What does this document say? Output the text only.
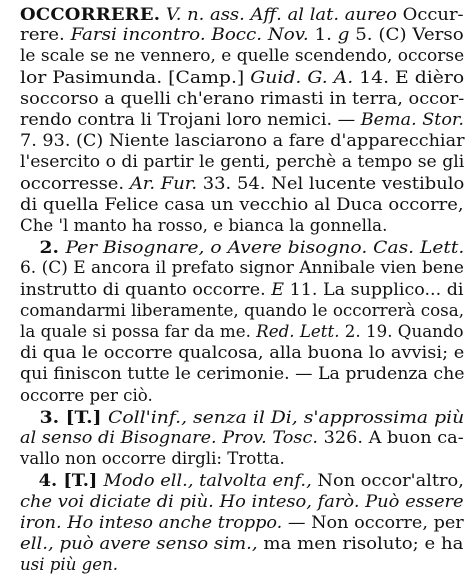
OCCORRERE. V. n. ass. Aff. al lat. aureo Occur-
rere. Farsi incontro. Bocc. Nov. 1. g 5. (C) Verso
le scale se ne vennero, e quelle scendendo, occorse
lor Pasimunda. [Camp.] Guid. G. A. 14. E dièro
soccorso a quelli ch'erano rimasti in terra, occor-
rendo contra li Trojani loro nemici. — Bema. Stor.
7. 93. (C) Niente lasciarono a fare d'apparecchiar
l'esercito o di partir le genti, perchè a tempo se gli
occorresse. Ar. Fur. 33. 54. Nel lucente vestibulo
di quella Felice casa un vecchio al Duca occorre,
Che 'l manto ha rosso, e bianca la gonnella.
2. Per Bisognare, o Avere bisogno. Cas. Lett.
6. (C) E ancora il prefato signor Annibale vien bene
instrutto di quanto occorre. E 11. La supplico... di
comandarmi liberamente, quando le occorrerà cosa,
la quale si possa far da me. Red. Lett. 2. 19. Quando
di qua le occorre qualcosa, alla buona lo avvisi; e
qui finiscon tutte le cerimonie. — La prudenza che
occorre per ciò.
3. [T.] Coll'inf., senza il Di, s'approssima più
al senso di Bisognare. Prov. Tosc. 326. A buon ca-
vallo non occorre dirgli: Trotta.
4. [T.] Modo ell., talvolta enf., Non occor'altro,
che voi diciate di più. Ho inteso, farò. Può essere
iron. Ho inteso anche troppo. — Non occorre, per
ell., può avere senso sim., ma men risoluto; e ha
usi più gen.
